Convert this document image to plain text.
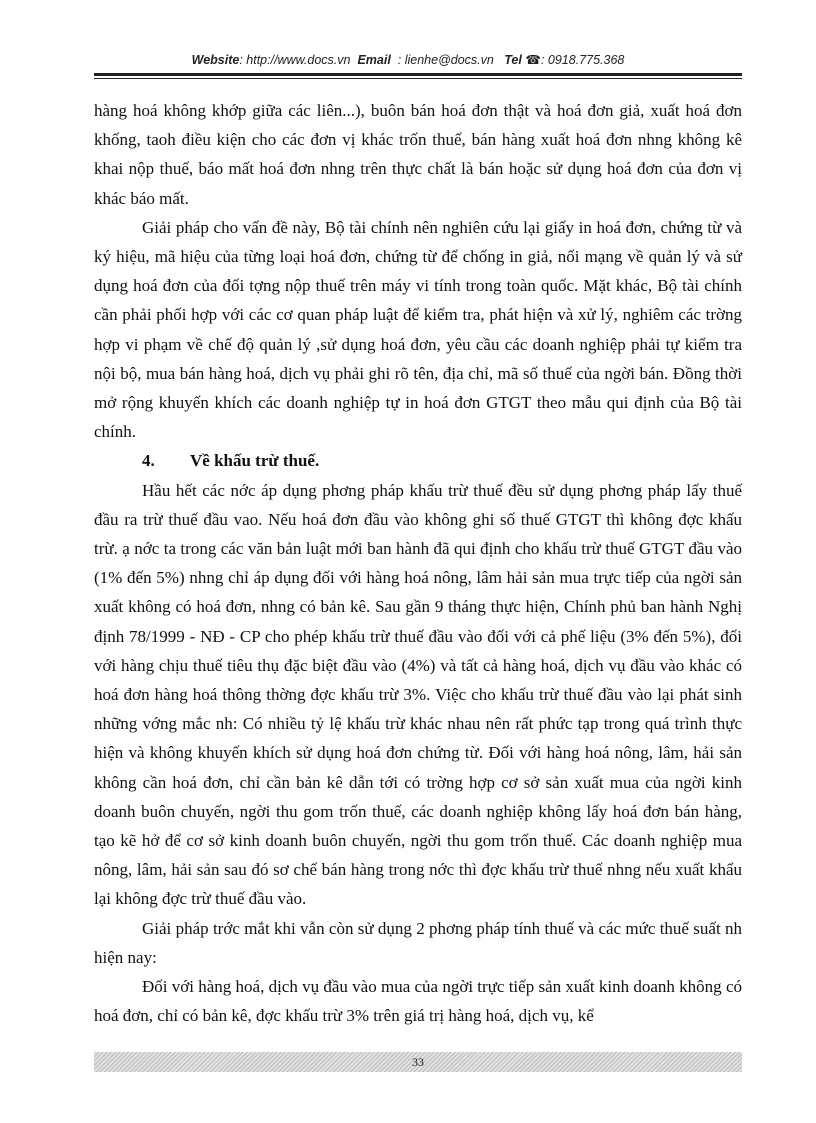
Website: http://www.docs.vn Email : lienhe@docs.vn Tel ☎: 0918.775.368

hàng hoá không khớp giữa các liên...), buôn bán hoá đơn thật và hoá đơn giả, xuất hoá đơn khống, taoh điều kiện cho các đơn vị khác trốn thuế, bán hàng xuất hoá đơn nhng không kê khai nộp thuế, báo mất hoá đơn nhng trên thực chất là bán hoặc sử dụng hoá đơn của đơn vị khác báo mất.

Giải pháp cho vấn đề này, Bộ tài chính nên nghiên cứu lại giấy in hoá đơn, chứng từ và ký hiệu, mã hiệu của từng loại hoá đơn, chứng từ để chống in giả, nối mạng về quản lý và sử dụng hoá đơn của đối tợng nộp thuế trên máy vi tính trong toàn quốc. Mặt khác, Bộ tài chính cần phải phối hợp với các cơ quan pháp luật để kiểm tra, phát hiện và xử lý, nghiêm các trờng hợp vi phạm về chế độ quản lý ,sử dụng hoá đơn, yêu cầu các doanh nghiệp phải tự kiểm tra nội bộ, mua bán hàng hoá, dịch vụ phải ghi rõ tên, địa chỉ, mã số thuế của ngời bán. Đồng thời mở rộng khuyến khích các doanh nghiệp tự in hoá đơn GTGT theo mẫu qui định của Bộ tài chính.

4. Về khấu trừ thuế.

Hầu hết các nớc áp dụng phơng pháp khấu trừ thuế đều sử dụng phơng pháp lấy thuế đầu ra trừ thuế đầu vao. Nếu hoá đơn đầu vào không ghi số thuế GTGT thì không đợc khấu trừ. ạ nớc ta trong các văn bản luật mới ban hành đã qui định cho khấu trừ thuế GTGT đầu vào (1% đến 5%) nhng chỉ áp dụng đối với hàng hoá nông, lâm hải sản mua trực tiếp của ngời sản xuất không có hoá đơn, nhng có bản kê. Sau gần 9 tháng thực hiện, Chính phủ ban hành Nghị định 78/1999 - NĐ - CP cho phép khấu trừ thuế đầu vào đối với cả phế liệu (3% đến 5%), đối với hàng chịu thuế tiêu thụ đặc biệt đầu vào (4%) và tất cả hàng hoá, dịch vụ đầu vào khác có hoá đơn hàng hoá thông thờng đợc khấu trừ 3%. Việc cho khấu trừ thuế đầu vào lại phát sinh những vớng mắc nh: Có nhiều tỷ lệ khấu trừ khác nhau nên rất phức tạp trong quá trình thực hiện và không khuyến khích sử dụng hoá đơn chứng từ. Đối với hàng hoá nông, lâm, hải sản không cần hoá đơn, chỉ cần bản kê dẫn tới có trờng hợp cơ sở sản xuất mua của ngời kinh doanh buôn chuyến, ngời thu gom trốn thuế, các doanh nghiệp không lấy hoá đơn bán hàng, tạo kẽ hở để cơ sở kinh doanh buôn chuyến, ngời thu gom trốn thuế. Các doanh nghiệp mua nông, lâm, hải sản sau đó sơ chế bán hàng trong nớc thì đợc khấu trừ thuế nhng nếu xuất khẩu lại không đợc trừ thuế đầu vào.

Giải pháp trớc mắt khi vẫn còn sử dụng 2 phơng pháp tính thuế và các mức thuế suất nh hiện nay:

Đối với hàng hoá, dịch vụ đầu vào mua của ngời trực tiếp sản xuất kinh doanh không có hoá đơn, chỉ có bản kê, đợc khấu trừ 3% trên giá trị hàng hoá, dịch vụ, kể

33
